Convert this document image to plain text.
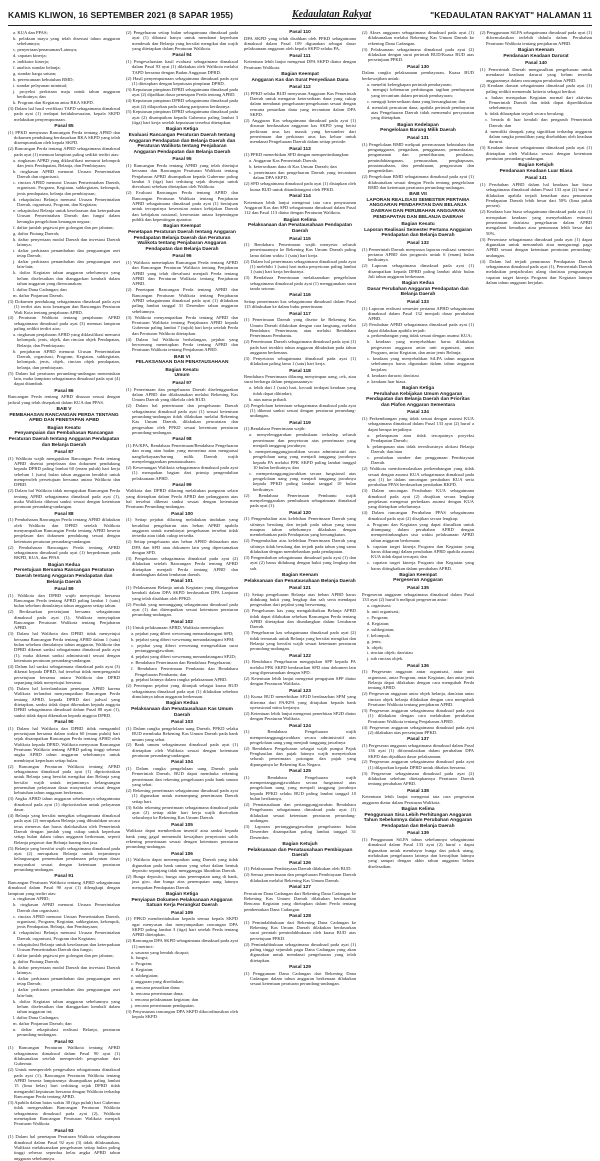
KAMIS KLIWON, 16 SEPTEMBER 2021 (8 SAPAR 1955)	Kedaulatan Rakyat	"KEDAULATAN RAKYAT" HALAMAN 11
a. KUA dan PPAS;
b. pelaksan mayu yang telah disesuai tahun anggaran sebelumnya;
c. penyertaan/penanaman/Lainnya;
d. capaian kinerja;
e. indikator kinerja;
f. analisis standar belanja;
g. standar harga satuan;
h. perencanaan kebutuhan BMD;
i. standar pelayanan minimal;
j. proyeksi perkiraan maju untuk tahun anggaran berikutnya; dan
k. Program dan Kegiatan antar RKA SKPD.
(3) Dalam hal hasil verifikasi TAPD sebagaimana dimaksud pada ayat (1) terdapat ketidaksesuaian, kepala SKPD melakukan penyempurnaan.
Pasal 85
(1) PPKD menyusun Rancangan Perda tentang APBD dan dokumen pendukung berdasarkan RKA SKPD yang telah disempurnakan oleh kepala SKPD.
(2) Rancangan Perda tentang APBD sebagaimana dimaksud pada ayat (1) memuat lampiran paling sedikit terdiri atas:
a. ringkasan APBD yang diklasifikasi menurut kelompok dan jenis Pendapatan, Belanja, dan Pembiayaan;
b. ringkasan APBD menurut Urusan Pemerintahan Daerah dan organisasi;
c. rincian APBD menurut Urusan Pemerintahan Daerah, organisasi, Program, Kegiatan, subkegiatan, kelompok, jenis pendapatan, belanja dan pembiayaan;
d. rekapitulasi Belanja menurut Urusan Pemerintahan Daerah, organisasi, Program, dan Kegiatan;
e. rekapitulasi Belanja untuk keselarasan dan keterpaduan Urusan Pemerintahan Daerah dan fungsi dalam kerangka pengelolaan keuangan negara;
f. daftar jumlah pegawai per golongan dan per jabatan;
g. daftar Piutang Daerah;
h. daftar penyertaan modal Daerah dan investasi Daerah lainnya;
i. daftar perkiraan penambahan dan pengurangan aset tetap Daerah;
j. daftar perkiraan penambahan dan pengurangan aset lain-lain;
k. daftar Kegiatan tahun anggaran sebelumnya yang belum diselesaikan dan dianggarkan kembali dalam tahun anggaran yang direncanakan;
l. daftar Dana Cadangan; dan
m. daftar Pinjaman Daerah.
(3) Dokumen pendukung sebagaimana dimaksud pada ayat (1) terdiri atas nota keuangan dan Rancangan Peraturan Wali Kota tentang penjabaran APBD.
(4) Peraturan Walikota tentang penjabaran APBD sebagaimana dimaksud pada ayat (3) memuat lampiran paling sedikit terdiri atas:
a. ringkasan penjabaran APBD yang diklasifikasi menurut kelompok, jenis, objek, dan rincian objek Pendapatan, Belanja, dan Pembiayaan;
b. penjabaran APBD menurut Urusan Pemerintahan Daerah, organisasi, Program, Kegiatan, subkegiatan, kelompok, jenis, objek, rincian objek pendapatan, belanja, dan pembiayaan.
(5) Dalam hal peraturan perundang-undangan menentukan lain, maka lampiran sebagaimana dimaksud pada ayat (4) dapat ditambah.
Pasal 86
Rancangan Perda tentang APBD disusun sesuai dengan jadwal yang telah disepakati dalam KUA dan PPAS.
BAB V
PEMBAHASAN RANCANGAN PERDA TENTANG APBD DAN PENETAPAN APBD
Bagian Kesatu
Penyampaian dan Pembahasan Rancangan Peraturan Daerah tentang Anggaran Pendapatan dan Belanja Daerah
Pasal 87
(1) Walikota wajib mengajukan Rancangan Perda tentang APBD disertai penjelasan dan dokumen pendukung kepada DPRD paling lambat 60 (enam puluh) hari kerja sebelum 1 (satu) bulan tahun anggaran berakhir untuk memperoleh persetujuan bersama antara Walikota dan DPRD.
(2) Dalam hal Walikota tidak mengajukan Rancangan Perda tentang APBD sebagaimana dimaksud pada ayat (1), maka Walikota dikenai sanksi sesuai dengan ketentuan peraturan perundang-undangan.
Pasal 88
(1) Pembahasan Rancangan Perda tentang APBD dilakukan oleh Walikota dan DPRD setelah Walikota menyampaikan Rancangan Perda tentang APBD beserta penjelasan dan dokumen pendukung sesuai dengan ketentuan peraturan perundang-undangan.
(2) Pembahasan Rancangan Perda tentang APBD sebagaimana dimaksud pada ayat (1) berpedoman pada RKPD, KUA, dan PPAS.
Bagian Kedua
Persetujuan Bersama Rancangan Peraturan Daerah tentang Anggaran Pendapatan dan Belanja Daerah
Pasal 89
(1) Walikota dan DPRD wajib menyetujui bersama Rancangan Perda tentang APBD paling lambat 1 (satu) bulan sebelum dimulainya tahun anggaran setiap tahun.
(2) Berdasarkan persetujuan bersama sebagaimana dimaksud pada ayat (1), Walikota menyiapkan Rancangan Peraturan Walikota tentang Penjabaran APBD.
(3) Dalam hal Walikota dan DPRD tidak menyetujui bersama Rancangan Perda tentang APBD dalam 1 (satu) bulan sebelum dimulainya tahun anggaran, Walikota dan DPRD dikenai sanksi sebagaimana dimaksud pada ayat (1), maka dikenai sanksi administratif sesuai dengan ketentuan peraturan perundang-undangan.
(4) Dalam hal sanksi sebagaimana dimaksud pada ayat (3) dikenai kepada DPRD, hal tersebut tidak mempengaruhi persetujuan bersama antara Walikota dan DPRD sepanjang tidak menyetujui bersama.
(5) Dalam hal keterlambatan penetapan APBD karena Walikota terlambat menyampaikan Rancangan Perda tentang APBD, kepada DPRD dari jadwal yang ditetapkan, sanksi tidak dapat dikenakan kepada anggota DPRD sebagaimana dimaksud dalam Pasal 88 ayat (1), sanksi tidak dapat dikenakan kepada anggota DPRD.
Pasal 90
(1) Dalam hal Walikota dan DPRD tidak mengambil persetujuan bersama dalam waktu 60 (enam puluh) hari sejak disampaikan Rancangan Perda tentang APBD oleh Walikota kepada DPRD, Walikota menyusun Rancangan Peraturan Walikota tentang APBD paling tinggi sebesar angka APBD tahun anggaran sebelumnya untuk membiayai keperluan setiap bulan.
(2) Rancangan Peraturan Walikota tentang APBD sebagaimana dimaksud pada ayat (1) diprioritaskan untuk Belanja yang bersifat mengikat dan Belanja yang bersifat wajib untuk terjaminnya kelangsungan pemenuhan pelayanan dasar masyarakat sesuai dengan kebutuhan tahun anggaran berkenaan.
(3) Angka APBD tahun anggaran sebelumnya sebagaimana dimaksud pada ayat (1) diprioritaskan untuk pelayanan dasar.
(4) Belanja yang bersifat mengikat sebagaimana dimaksud pada ayat (2) merupakan Belanja yang dibutuhkan secara terus menerus dan harus dialokasikan oleh Pemerintah Daerah dengan jumlah yang cukup untuk keperluan setiap bulan dalam tahun anggaran berkenaan, seperti Belanja pegawai dan Belanja barang dan jasa.
(5) Belanja yang bersifat wajib sebagaimana dimaksud pada ayat (2) merupakan Belanja untuk terjaminnya kelangsungan pemenuhan pendanaan pelayanan dasar masyarakat sesuai dengan ketentuan peraturan perundang-undangan.
Pasal 91
Rancangan Peraturan Walikota tentang APBD sebagaimana dimaksud dalam Pasal 90 ayat (1) dilengkapi dengan lampiran yang terdiri atas:
a. ringkasan APBD;
b. ringkasan APBD menurut Urusan Pemerintahan Daerah dan organisasi;
c. rincian APBD menurut Urusan Pemerintahan Daerah, organisasi, Program, Kegiatan, subkegiatan, kelompok, jenis Pendapatan, Belanja, dan Pembiayaan;
d. rekapitulasi Belanja menurut Urusan Pemerintahan Daerah, organisasi, Program dan Kegiatan;
e. rekapitulasi Belanja untuk keselarasan dan keterpaduan Urusan Pemerintahan Daerah dan fungsi;
f. daftar jumlah pegawai per golongan dan per jabatan;
g. daftar Piutang Daerah;
h. daftar penyertaan modal Daerah dan investasi Daerah lainnya;
i. daftar perkiraan penambahan dan pengurangan aset tetap Daerah;
j. daftar perkiraan penambahan dan pengurangan aset lain-lain;
k. daftar Kegiatan tahun anggaran sebelumnya yang belum diselesaikan dan dianggarkan kembali dalam tahun anggaran ini;
l. daftar Dana Cadangan;
m. daftar Pinjaman Daerah; dan
n. daftar rekapitulasi realisasi Belanja, peraturan perundang-undangan.
Pasal 92
(1) Rancangan Peraturan Walikota tentang APBD sebagaimana dimaksud dalam Pasal 90 ayat (1) dilaksanakan setelah memperoleh pengesahan dari Gubernur.
(2) Untuk memperoleh pengesahan sebagaimana dimaksud pada ayat (1), Rancangan Peraturan Walikota tentang APBD beserta lampirannya disampaikan paling lambat 15 (lima belas) hari terhitung sejak DPRD tidak mengambil keputusan bersama dengan Walikota terhadap Rancangan Perda tentang APBD.
(3) Apabila dalam batas waktu 30 (tiga puluh) hari Gubernur tidak mengesahkan Rancangan Peraturan Walikota sebagaimana dimaksud pada ayat (2), Walikota menetapkan Rancangan Peraturan Walikota menjadi Peraturan Walikota.
Pasal 93
(1) Dalam hal penetapan Peraturan Walikota sebagaimana dimaksud dalam Pasal 92 ayat (3) tidak dilaksanakan, Walikota melaksanakan pengeluaran setiap bulan paling tinggi sebesar seperdua belas angka APBD tahun anggaran sebelumnya.
(2) Pengeluaran setiap bulan sebagaimana dimaksud pada ayat (1) dibatasi hanya untuk mendanai keperluan mendesak dan Belanja yang bersifat mengikat dan wajib yang ditetapkan dalam Peraturan Walikota.
Pasal 94
(1) Pengevaluasian hasil evaluasi sebagaimana dimaksud dalam Pasal 93 ayat (1) dilakukan oleh Walikota melalui TAPD bersama dengan Badan Anggaran DPRD.
(2) Hasil penyempurnaan sebagaimana dimaksud pada ayat (1) ditetapkan dengan keputusan pimpinan DPRD.
(3) Keputusan pimpinan DPRD sebagaimana dimaksud pada ayat (2) dijadikan dasar penetapan Perda tentang APBD.
(4) Keputusan pimpinan DPRD sebagaimana dimaksud pada ayat (2) dilaporkan pada sidang paripurna berikutnya.
(5) Keputusan pimpinan DPRD sebagaimana dimaksud pada ayat (2) disampaikan kepada Gubernur paling lambat 3 (tiga) hari kerja setelah keputusan tersebut ditetapkan.
Bagian Ketiga
Evaluasi Rancangan Peraturan Daerah tentang Anggaran Pendapatan dan Belanja Daerah dan Peraturan Walikota tentang Penjabaran Anggaran Pendapatan dan Belanja Daerah
Pasal 95
(1) Rancangan Perda tentang APBD yang telah disetujui bersama dan Rancangan Peraturan Walikota tentang Penjabaran APBD disampaikan kepada Gubernur paling lambat 3 (tiga) hari terhitung sejak disetujui untuk dievaluasi sebelum ditetapkan oleh Walikota.
(2) Evaluasi Rancangan Perda tentang APBD dan Rancangan Peraturan Walikota tentang Penjabaran APBD sebagaimana dimaksud pada ayat (1) bertujuan untuk tercapainya keserasian antara kebijakan Daerah dan kebijakan nasional, keserasian antara kepentingan publik dan kepentingan aparatur.
Bagian Keempat
Penetapan Peraturan Daerah tentang Anggaran Pendapatan Belanja Daerah dan Peraturan Walikota tentang Penjabaran Anggaran Pendapatan dan Belanja Daerah
Pasal 96
(1) Walikota menetapkan Rancangan Perda tentang APBD dan Rancangan Peraturan Walikota tentang Penjabaran APBD yang telah dievaluasi menjadi Perda tentang APBD dan Peraturan Walikota tentang Penjabaran APBD.
(2) Penetapan Rancangan Perda tentang APBD dan Rancangan Peraturan Walikota tentang Penjabaran APBD sebagaimana dimaksud pada ayat (1) dilakukan paling lambat tanggal 31 Desember tahun anggaran sebelumnya.
(3) Walikota menyampaikan Perda tentang APBD dan Peraturan Walikota tentang Penjabaran APBD kepada Gubernur paling lambat 7 (tujuh) hari kerja setelah Perda dan Peraturan Walikota ditetapkan.
(4) Dalam hal Walikota berhalangan, pejabat yang berwenang menetapkan Perda tentang APBD dan Peraturan Walikota tentang Penjabaran APBD.
BAB VI
PELAKSANAAN DAN PENATAUSAHAAN
Bagian Kesatu
Umum
Pasal 97
(1) Penerimaan dan pengeluaran Daerah diselenggarakan dalam APBD dan dilaksanakan melalui Rekening Kas Umum Daerah yang dikelola oleh BUD.
(2) Dalam hal penerimaan dan pengeluaran Daerah sebagaimana dimaksud pada ayat (1) sesuai ketentuan perundang-undangan tidak dilakukan melalui Rekening Kas Umum Daerah, dilakukan pencatatan dan pengesahan oleh PPKD sesuai ketentuan peraturan perundang-undangan.
Pasal 98
(1) PA/KPA, Bendahara Penerimaan/Bendahara Pengeluaran dan orang atau badan yang menerima atau menguasai uang/kekayaan/barang milik Daerah wajib menyelenggarakan penatausahaan.
(2) Kewenangan Walikota sebagaimana dimaksud pada ayat (1) merupakan bagian dari prinsip pengendalian pelaksanaan APBD.
Pasal 99
Walikota dan DPRD dilarang melakukan pungutan selain yang ditetapkan dalam Perda APBD dan pelanggaran atas hal tersebut dikenai sanksi sesuai dengan ketentuan Peraturan Perundang-undangan.
Pasal 100
(1) Setiap pejabat dilarang melakukan tindakan yang berakibat pengeluaran atas beban APBD apabila anggaran untuk membiayai pengeluaran tersebut tidak tersedia atau tidak cukup tersedia.
(2) Setiap pengeluaran atas beban APBD didasarkan atas DPA dan SPD atau dokumen lain yang dipersamakan dengan SPD.
(3) Pengeluaran sebagaimana dimaksud pada ayat (2) dilakukan setelah Rancangan Perda tentang APBD ditetapkan menjadi Perda tentang APBD dan diundangkan dalam lembaran daerah.
Pasal 101
(1) Pelaksanaan Belanja untuk Kegiatan yang dianggarkan kembali dalam DPA SKPD berdasarkan DPA Lanjutan yang telah disahkan oleh PPKD.
(2) Produk yang menanggung sebagaimana dimaksud pada ayat (1) dan ditempatkan sesuai ketentuan peraturan perundang-undangan.
Pasal 102
(1) Untuk pelaksanaan APBD, Walikota menetapkan:
a. pejabat yang diberi wewenang menandatangani SPD;
b. pejabat yang diberi wewenang menandatangani SPM;
c. pejabat yang diberi wewenang mengesahkan surat pertanggungjawaban;
d. pejabat yang diberi wewenang menandatangani SP2D;
e. Bendahara Penerimaan dan Bendahara Pengeluaran;
f. Bendahara Penerimaan Pembantu dan Bendahara Pengeluaran Pembantu; dan
g. pejabat lainnya dalam rangka pelaksanaan APBD.
(2) Penetapan pejabat yang ditunjuk sebagai kuasa BUD sebagaimana dimaksud pada ayat (1) dilakukan sebelum dimulainya tahun anggaran berkenaan.
Bagian Kedua
Pelaksanaan dan Penatausahaan Kas Umum Daerah
Pasal 103
(1) Dalam rangka pengelolaan uang Daerah, PPKD selaku BUD membuka Rekening Kas Umum Daerah pada bank umum yang sehat.
(2) Bank umum sebagaimana dimaksud pada ayat (1) ditetapkan oleh Walikota sesuai dengan ketentuan peraturan perundang-undangan.
Pasal 104
(1) Dalam rangka pengelolaan uang Daerah pada Pemerintah Daerah, BUD dapat membuka rekening penerimaan dan rekening pengeluaran pada bank umum yang sehat.
(2) Rekening penerimaan sebagaimana dimaksud pada ayat (1) digunakan untuk menampung penerimaan Daerah setiap hari.
(3) Saldo rekening penerimaan sebagaimana dimaksud pada ayat (2) setiap akhir hari kerja wajib disetorkan seluruhnya ke Rekening Kas Umum Daerah.
Pasal 105
Walikota dapat memberikan insentif atau sanksi kepada bank yang gagal memenuhi kewajiban penyetoran saldo rekening penerimaan sesuai dengan ketentuan peraturan perundang-undangan.
Pasal 106
(1) Walikota dapat menempatkan uang Daerah yang tidak digunakan pada bank umum yang sehat dalam bentuk deposito sepanjang tidak mengganggu likuiditas Daerah.
(2) Bunga deposito, bunga atas penempatan uang di bank, jasa giro, dan bunga atas penempatan uang lainnya merupakan Pendapatan Daerah.
Bagian Ketiga
Penyiapan Dokumen Pelaksanaan Anggaran Satuan Kerja Perangkat Daerah
Pasal 109
(1) PPKD memberitahukan kepada semua kepala SKPD agar menyusun dan menyampaikan rancangan DPA SKPD paling lambat 3 (tiga) hari setelah Perda tentang APBD ditetapkan.
(2) Rancangan DPA SKPD sebagaimana dimaksud pada ayat (1) merinci:
a. sasaran yang hendak dicapai;
b. fungsi;
c. Program;
d. Kegiatan;
e. subkegiatan;
f. anggaran yang disediakan;
g. rencana penarikan dana;
h. rencana penerimaan dana;
i. rencana pelaksanaan kegiatan; dan
j. rencana penerimaan pendapatan.
(3) Penyusunan rancangan DPA SKPD dikoordinasikan oleh kepala SKPD.
Pasal 110
DPA SKPD yang telah disahkan oleh PPKD sebagaimana dimaksud dalam Pasal 109 digunakan sebagai dasar pelaksanaan anggaran oleh kepala SKPD selaku PA.
Pasal 111
Ketentuan lebih lanjut mengenai DPA SKPD diatur dengan Peraturan Walikota.
Bagian Keempat
Anggaran Kas dan Surat Penyediaan Dana
Pasal 112
(1) PPKD selaku BUD menyusun Anggaran Kas Pemerintah Daerah untuk mengatur ketersediaan dana yang cukup dalam mendanai pengeluaran-pengeluaran sesuai dengan rencana penarikan dana yang tercantum dalam DPA SKPD.
(2) Anggaran Kas sebagaimana dimaksud pada ayat (1) disusun berdasarkan anggaran kas SKPD yang berisi perkiraan arus kas masuk yang bersumber dari penerimaan dan perkiraan arus kas keluar untuk mendanai Pengeluaran Daerah dalam setiap periode.
Pasal 113
(1) PPKD menerbitkan SPD dengan mempertimbangkan:
a. Anggaran Kas Pemerintah Daerah;
b. ketersediaan dana di Kas Umum Daerah; dan
c. penerimaan dan pengeluaran Daerah yang tercantum dalam DPA SKPD.
(2) SPD sebagaimana dimaksud pada ayat (1) disiapkan oleh kuasa BUD untuk ditandatangani oleh PPKD.
Pasal 114
Ketentuan lebih lanjut mengenai tata cara penyusunan Anggaran Kas dan SPD sebagaimana dimaksud dalam Pasal 112 dan Pasal 113 diatur dengan Peraturan Walikota.
Bagian Kelima
Pelaksanaan dan Penatausahaan Pendapatan Daerah
Pasal 115
(1) Bendahara Penerimaan wajib menyetor seluruh penerimaannya ke Rekening Kas Umum Daerah paling lama dalam waktu 1 (satu) hari kerja.
(2) Dalam hal penerimaan sebagaimana dimaksud pada ayat (1) melebihi 1 (satu) hari maka penyetoran paling lambat 1 (satu) hari kerja berikutnya.
(3) Bendahara Penerimaan melaksanakan pengelolaan sebagaimana dimaksud pada ayat (1) menggunakan surat tanda setoran.
Pasal 116
Setiap penerimaan kas sebagaimana dimaksud dalam Pasal 115 dibukukan ke dalam buku penerimaan.
Pasal 117
(1) Penerimaan Daerah yang disetor ke Rekening Kas Umum Daerah dilakukan dengan cara langsung, melalui Bendahara Penerimaan, atau melalui Bendahara Penerimaan Pembantu.
(2) Penerimaan Daerah sebagaimana dimaksud pada ayat (1) pada hari terakhir tahun anggaran dibukukan pada tahun anggaran berkenaan.
(3) Penyetoran sebagaimana dimaksud pada ayat (1) dilakukan paling lama 1 (satu) hari kerja.
Pasal 118
Bendahara Penerimaan dilarang menyimpan uang, cek, atau surat berharga dalam penguasaannya:
a. lebih dari 1 (satu) hari, kecuali terdapat keadaan yang tidak dapat dihindari;
b. atas nama pribadi.
(2) Pengelolaan ketentuan sebagaimana dimaksud pada ayat (1) dikenai sanksi sesuai dengan peraturan perundang-undangan.
Pasal 119
(1) Bendahara Penerimaan wajib:
a. menyelenggarakan pembukuan terhadap seluruh penerimaan dan penyetoran atas penerimaan yang menjadi tanggung jawabnya;
b. mempertanggungjawabkan secara administratif atas pengelolaan uang yang menjadi tanggung jawabnya kepada PA melalui PPK SKPD paling lambat tanggal 10 bulan berikutnya; dan
c. mempertanggungjawabkan secara fungsional atas pengelolaan uang yang menjadi tanggung jawabnya kepada PPKD paling lambat tanggal 10 bulan berikutnya.
(2) Bendahara Penerimaan Pembantu wajib menyelenggarakan pembukuan sebagaimana dimaksud pada ayat (1).
Pasal 120
(1) Pengembalian atas kelebihan Penerimaan Daerah yang sifatnya berulang dan terjadi pada tahun yang sama maupun tahun sebelumnya dilakukan dengan membebankan pada Pendapatan yang bersangkutan.
(2) Pengembalian atas kelebihan Penerimaan Daerah yang sifatnya tidak berulang dan terjadi pada tahun yang sama dilakukan dengan membebankan pada pendapatan.
(3) Pengembalian sebagaimana dimaksud pada ayat (1) dan ayat (2) harus didukung dengan bukti yang lengkap dan sah.
Bagian Keenam
Pelaksanaan dan Penatausahaan Belanja Daerah
Pasal 121
(1) Setiap pengeluaran Belanja atas beban APBD harus didukung bukti yang lengkap dan sah serta mendapat pengesahan dari pejabat yang berwenang.
(2) Pengeluaran kas yang mengakibatkan Belanja APBD tidak dapat dilakukan sebelum Rancangan Perda tentang APBD ditetapkan dan diundangkan dalam Lembaran Daerah.
(3) Pengeluaran kas sebagaimana dimaksud pada ayat (2) tidak termasuk untuk Belanja yang bersifat mengikat dan Belanja yang bersifat wajib sesuai ketentuan peraturan perundang-undangan.
Pasal 122
(1) Bendahara Pengeluaran mengajukan SPP kepada PA melalui PPK SKPD berdasarkan SPD atau dokumen lain yang dipersamakan dengan SPD.
(2) Ketentuan lebih lanjut mengenai pengajuan SPP diatur dengan Peraturan Walikota.
Pasal 123
(1) Kuasa BUD menerbitkan SP2D berdasarkan SPM yang diterima dari PA/KPA yang ditujukan kepada bank operasional mitra kerjanya.
(2) Ketentuan lebih lanjut mengenai penerbitan SP2D diatur dengan Peraturan Walikota.
Pasal 124
(1) Bendahara Pengeluaran wajib mempertanggungjawabkan secara administratif atas pengelolaan uang yang menjadi tanggung jawabnya.
(2) Bendahara Pengeluaran sebagai wajib pungut Pajak Penghasilan dan pajak lainnya wajib menyetorkan seluruh penerimaan potongan dan pajak yang dipungutnya ke Rekening Kas Negara.
Pasal 125
(1) Bendahara Pengeluaran wajib mempertanggungjawabkan secara fungsional atas pengelolaan uang yang menjadi tanggung jawabnya kepada PPKD selaku BUD paling lambat tanggal 10 bulan berikutnya.
(2) Penatausahaan dan pertanggungjawaban Bendahara Pengeluaran sebagaimana dimaksud pada ayat (1) dilakukan sesuai ketentuan peraturan perundang-undangan.
(3) Laporan pertanggungjawaban pengeluaran bulan Desember disampaikan paling lambat tanggal 31 Desember.
Bagian Ketujuh
Pelaksanaan dan Penatausahaan Pembiayaan Daerah
Pasal 126
(1) Pelaksanaan Pembiayaan Daerah dilakukan oleh BUD.
(2) Semua penerimaan dan pengeluaran Pembiayaan Daerah dilakukan melalui Rekening Kas Umum Daerah.
Pasal 127
Pencairan Dana Cadangan dari Rekening Dana Cadangan ke Rekening Kas Umum Daerah dilakukan berdasarkan Rencana Kegiatan yang ditetapkan dalam Perda tentang pembentukan Dana Cadangan.
Pasal 128
(1) Pemindahbukuan dari Rekening Dana Cadangan ke Rekening Kas Umum Daerah dilakukan berdasarkan surat perintah pemindahbukuan oleh kuasa BUD atas persetujuan PPKD.
(2) Pemindahbukuan sebagaimana dimaksud pada ayat (1) paling tinggi sejumlah pagu Dana Cadangan yang akan digunakan untuk mendanai pengeluaran yang telah ditetapkan.
Pasal 129
(1) Penggunaan Dana Cadangan dari Rekening Dana Cadangan dalam tahun anggaran berkenaan dilakukan sesuai ketentuan peraturan perundang-undangan.
(2) Akses anggaran sebagaimana dimaksud pada ayat (1) dilaksanakan melalui Rekening Kas Umum Daerah ke rekening Dana Cadangan.
(3) Pelaksanaan sebagaimana dimaksud pada ayat (2) dilakukan dengan surat perintah BUD/Kuasa BUD atas persetujuan PPKD.
Pasal 130
Dalam rangka pelaksanaan pembayaran, Kuasa BUD berkewajiban untuk:
a. meneliti kelengkapan perintah pembayaran;
b. menguji kebenaran perhitungan tagihan pembayaran yang tercantum dalam perintah pembayaran;
c. menguji ketersediaan dana yang bersangkutan; dan
d. menolak pencairan dana, apabila perintah pembayaran atas Pengeluaran Daerah tidak memenuhi persyaratan yang ditetapkan.
Bagian Kedelapan
Pengelolaan Barang Milik Daerah
Pasal 131
(1) Pengelolaan BMD meliputi perencanaan kebutuhan dan penganggaran, pengadaan, penggunaan, pemanfaatan, pengamanan dan pemeliharaan, penilaian, pemindahtanganan, pemusnahan, penghapusan, penatausahaan, dan pembinaan, pengawasan dan pengendalian.
(2) Pengelolaan BMD sebagaimana dimaksud pada ayat (1) dilaksanakan sesuai dengan Perda tentang pengelolaan BMD dan ketentuan peraturan perundang-undangan.
BAB VII
LAPORAN REALISASI SEMESTER PERTAMA ANGGARAN PENDAPATAN DAN BELANJA DAERAH DAN PERUBAHAN ANGGARAN PENDAPATAN DAN BELANJA DAERAH
Bagian Kesatu
Laporan Realisasi Semester Pertama Anggaran Pendapatan dan Belanja Daerah
Pasal 132
(1) Pemerintah Daerah menyusun laporan realisasi semester pertama APBD dan prognosis untuk 6 (enam) bulan berikutnya.
(2) Laporan sebagaimana dimaksud pada ayat (1) disampaikan kepada DPRD paling lambat akhir bulan Juli tahun anggaran berkenaan.
Bagian Kedua
Dasar Perubahan Anggaran Pendapatan dan Belanja Daerah
Pasal 133
(1) Laporan realisasi semester pertama APBD sebagaimana dimaksud dalam Pasal 132 menjadi dasar perubahan APBD.
(2) Perubahan APBD sebagaimana dimaksud pada ayat (1) dapat dilakukan apabila terjadi:
a. perkembangan yang tidak sesuai dengan asumsi KUA;
b. keadaan yang menyebabkan harus dilakukan pergeseran anggaran antar unit organisasi, antar Program, antar Kegiatan, dan antar jenis Belanja;
c. keadaan yang menyebabkan SiLPA tahun anggaran sebelumnya harus digunakan dalam tahun anggaran berjalan;
d. keadaan darurat; dan/atau
e. keadaan luar biasa.
Bagian Ketiga
Perubahan Kebijakan Umum Anggaran Pendapatan dan Belanja Daerah dan Prioritas dan Plafon Anggaran Sementara
Pasal 134
(1) Perkembangan yang tidak sesuai dengan asumsi KUA sebagaimana dimaksud dalam Pasal 133 ayat (2) huruf a dapat berupa terjadinya:
a. pelampauan atau tidak tercapainya proyeksi Pendapatan Daerah;
b. pelampauan atau tidak terealisasinya alokasi Belanja Daerah; dan/atau
c. perubahan sumber dan penggunaan Pembiayaan Daerah.
(2) Walikota memformulasikan perkembangan yang tidak sesuai dengan asumsi KUA sebagaimana dimaksud pada ayat (1) ke dalam rancangan perubahan KUA serta perubahan PPAS berdasarkan perubahan RKPD.
(3) Dalam rancangan Perubahan KUA sebagaimana dimaksud pada ayat (2) disajikan secara lengkap penjelasan mengenai perbedaan asumsi dengan KUA yang ditetapkan sebelumnya.
(4) Dalam rancangan Perubahan PPAS sebagaimana dimaksud pada ayat (2) disajikan secara lengkap:
a. Program dan Kegiatan yang dapat diusulkan untuk ditampung dalam perubahan APBD dengan mempertimbangkan sisa waktu pelaksanaan APBD tahun anggaran berkenaan;
b. capaian target kinerja Program dan Kegiatan yang harus dikurangi dalam perubahan APBD apabila asumsi KUA tidak dapat tercapai; dan
c. capaian target kinerja Program dan Kegiatan yang harus ditingkatkan dalam perubahan APBD.
Bagian Keempat
Pergeseran Anggaran
Pasal 135
Pergeseran anggaran sebagaimana dimaksud dalam Pasal 133 ayat (2) huruf b meliputi pergeseran antar:
a. organisasi;
b. unit organisasi;
c. Program;
d. Kegiatan;
e. subkegiatan;
f. kelompok;
g. jenis;
h. objek;
i. rincian objek; dan/atau
j. sub rincian objek.
Pasal 136
(1) Pergeseran anggaran antar organisasi, antar unit organisasi, antar Program, antar Kegiatan, dan antar jenis Belanja dapat dilakukan dengan cara mengubah Perda tentang APBD.
(2) Pergeseran anggaran antar objek belanja, dan/atau antar rincian objek belanja dilakukan dengan cara mengubah Peraturan Walikota tentang penjabaran APBD.
(3) Pergeseran anggaran sebagaimana dimaksud pada ayat (1) dilakukan dengan cara melakukan perubahan Peraturan Walikota tentang Penjabaran APBD.
(4) Pergeseran anggaran sebagaimana dimaksud pada ayat (2) dilakukan atas persetujuan PPKD.
Pasal 137
(1) Pergeseran anggaran sebagaimana dimaksud dalam Pasal 136 ayat (1) diformulasikan dalam perubahan DPA SKPD dan dijadikan dasar pelaksanaan.
(2) Pergeseran anggaran sebagaimana dimaksud pada ayat (1) dilaporkan kepada DPRD untuk dibahas bersama.
(3) Pergeseran sebagaimana dimaksud pada ayat (2) dilakukan sebelum ditetapkannya Peraturan Daerah tentang perubahan APBD.
Pasal 138
Ketentuan lebih lanjut mengenai tata cara pergeseran anggaran diatur dalam Peraturan Walikota.
Bagian Kelima
Penggunaan Sisa Lebih Perhitungan Anggaran Tahun Sebelumnya dalam Perubahan Anggaran Pendapatan dan Belanja Daerah
Pasal 139
(1) Penggunaan SiLPA tahun sebelumnya sebagaimana dimaksud dalam Pasal 133 ayat (2) huruf c dapat digunakan untuk membayar bunga dan pokok utang, melakukan pengeluaran lainnya dan kewajiban lainnya yang sampai dengan akhir tahun anggaran belum diselesaikan.
(2) Penggunaan SiLPA sebagaimana dimaksud pada ayat (1) diformulasikan terlebih dahulu dalam Perubahan Peraturan Walikota tentang penjabaran APBD.
Bagian Keenam
Pendanaan Keadaan Darurat
Pasal 140
(1) Pemerintah Daerah mengusulkan pengeluaran untuk mendanai keadaan darurat yang belum tersedia anggarannya dalam rancangan perubahan APBD.
(2) Keadaan darurat sebagaimana dimaksud pada ayat (1) paling sedikit memenuhi kriteria sebagai berikut:
a. bukan merupakan Kegiatan normal dari aktivitas Pemerintah Daerah dan tidak dapat diprediksikan sebelumnya;
b. tidak diharapkan terjadi secara berulang;
c. berada di luar kendali dan pengaruh Pemerintah Daerah; dan
d. memiliki dampak yang signifikan terhadap anggaran dalam rangka pemulihan yang disebabkan oleh keadaan darurat.
(3) Keadaan darurat sebagaimana dimaksud pada ayat (1) ditetapkan oleh Walikota sesuai dengan ketentuan peraturan perundang-undangan.
Bagian Ketujuh
Pendanaan Keadaan Luar Biasa
Pasal 141
(1) Perubahan APBD dalam hal keadaan luar biasa sebagaimana dimaksud dalam Pasal 133 ayat (2) huruf e dilakukan apabila terjadi kenaikan atau penurunan Pendapatan Daerah lebih besar dari 50% (lima puluh persen).
(2) Keadaan luar biasa sebagaimana dimaksud pada ayat (1) merupakan keadaan yang menyebabkan estimasi penerimaan dan/atau pengeluaran dalam APBD mengalami kenaikan atau penurunan lebih besar dari 50%.
(3) Persentase sebagaimana dimaksud pada ayat (1) dapat digunakan untuk menambah atau mengurangi pagu APBD sesuai dengan ketentuan peraturan perundang-undangan.
(4) Dalam hal terjadi penurunan Pendapatan Daerah sebagaimana dimaksud pada ayat (1), Pemerintah Daerah melakukan penjadwalan ulang dan/atau pengurangan capaian target kinerja Program dan Kegiatan lainnya dalam tahun anggaran berjalan.
